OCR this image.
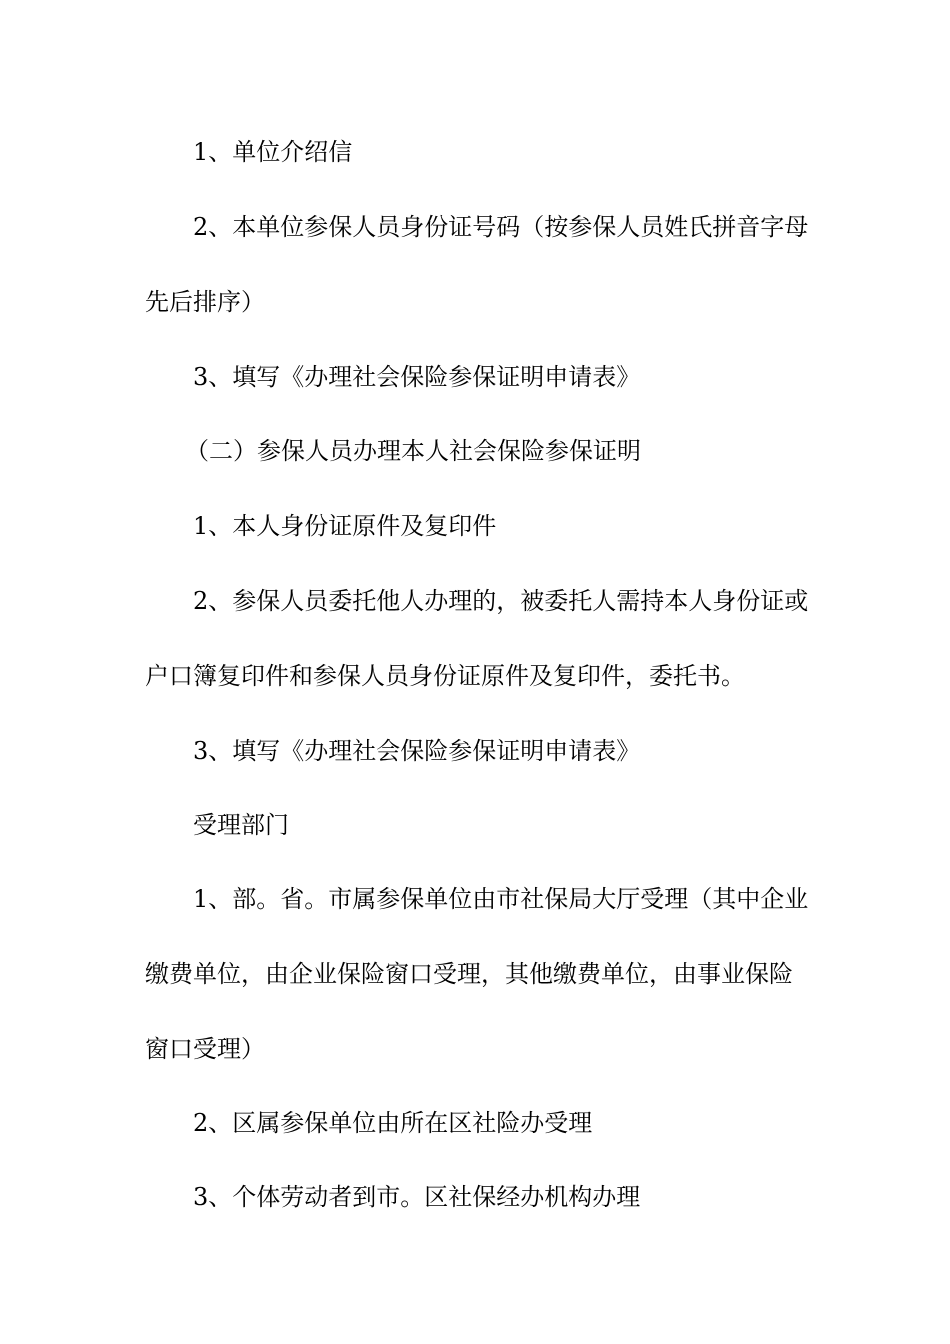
1、单位介绍信

2、本单位参保人员身份证号码（按参保人员姓氏拼音字母先后排序）

3、填写《办理社会保险参保证明申请表》

（二）参保人员办理本人社会保险参保证明

1、本人身份证原件及复印件

2、参保人员委托他人办理的，被委托人需持本人身份证或户口簿复印件和参保人员身份证原件及复印件，委托书。

3、填写《办理社会保险参保证明申请表》

受理部门

1、部。省。市属参保单位由市社保局大厅受理（其中企业缴费单位，由企业保险窗口受理，其他缴费单位，由事业保险窗口受理）

2、区属参保单位由所在区社险办受理

3、个体劳动者到市。区社保经办机构办理
